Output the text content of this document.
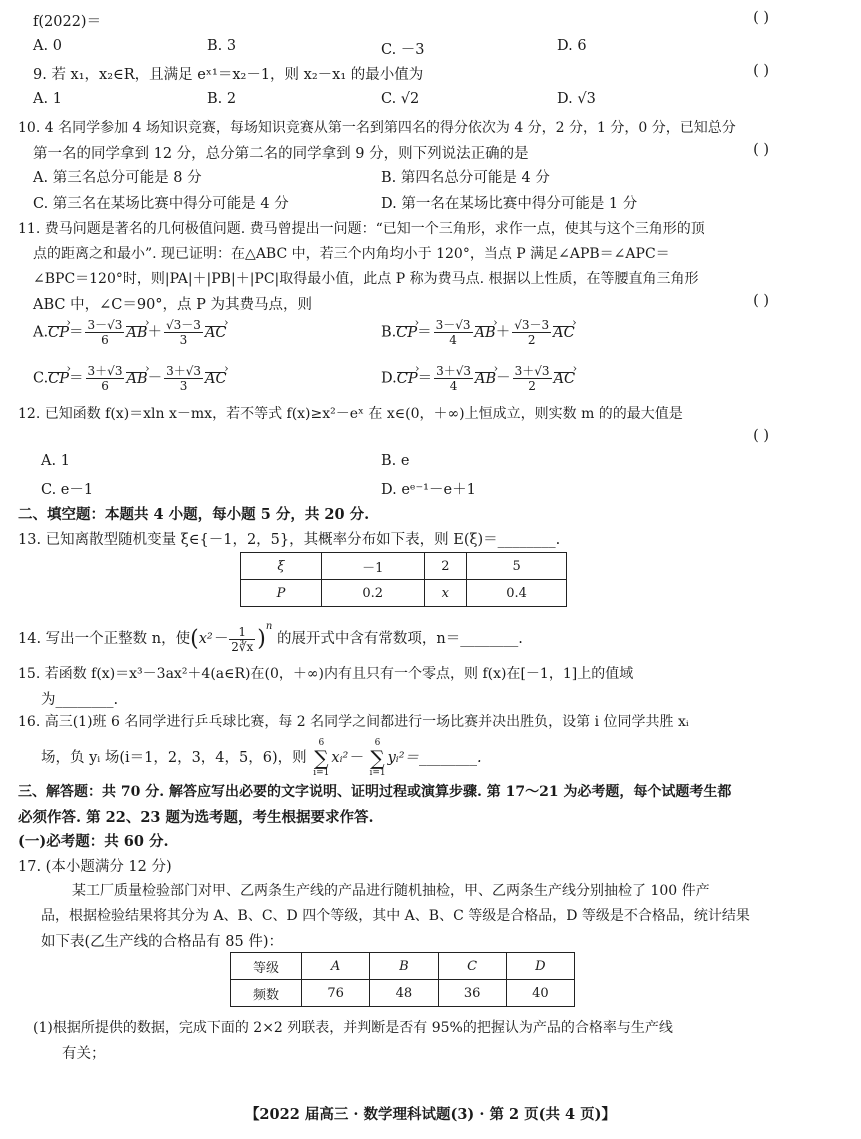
f(2022)＝	( )
A. 0	B. 3	C. －3	D. 6
9. 若 x₁，x₂∈R，且满足 eˣ¹＝x₂－1，则 x₂－x₁ 的最小值为	( )
A. 1	B. 2	C. √2	D. √3
10. 4 名同学参加 4 场知识竞赛，每场知识竞赛从第一名到第四名的得分依次为 4 分，2 分，1 分，0 分，已知总分
第一名的同学拿到 12 分，总分第二名的同学拿到 9 分，则下列说法正确的是	( )
A. 第三名总分可能是 8 分	B. 第四名总分可能是 4 分
C. 第三名在某场比赛中得分可能是 4 分	D. 第一名在某场比赛中得分可能是 1 分
11. 费马问题是著名的几何极值问题. 费马曾提出一问题：“已知一个三角形，求作一点，使其与这个三角形的顶
点的距离之和最小”. 现已证明：在△ABC 中，若三个内角均小于 120°，当点 P 满足∠APB＝∠APC＝
∠BPC＝120°时，则|PA|＋|PB|＋|PC|取得最小值，此点 P 称为费马点. 根据以上性质，在等腰直角三角形
ABC 中，∠C＝90°，点 P 为其费马点，则	( )
A.CP ›＝ $\frac{3-√3}{6}$ AB ›＋ $\frac{√3-3}{3}$ AC ›	B.CP ›＝ $\frac{3-√3}{4}$ AB ›＋ $\frac{√3-3}{2}$ AC ›
C.CP ›＝ $\frac{3+√3}{6}$ AB ›－ $\frac{3+√3}{3}$ AC ›	D.CP ›＝ $\frac{3+√3}{4}$ AB ›－ $\frac{3+√3}{2}$ AC ›
12. 已知函数 f(x)＝xln x－mx，若不等式 f(x)≥x²－eˣ 在 x∈(0，＋∞)上恒成立，则实数 m 的的最大值是
( )
A. 1	B. e
C. e－1	D. eᵉ⁻¹－e＋1
二、填空题：本题共 4 小题，每小题 5 分，共 20 分.
13. 已知离散型随机变量 ξ∈{－1，2，5}，其概率分布如下表，则 E(ξ)＝________.
ξ	－1	2	5
P	0.2	x	0.4
14. 写出一个正整数 n，使$(x^2- \frac{1}{2∛x} )^n$ 的展开式中含有常数项，n＝________.
15. 若函数 f(x)＝x³－3ax²＋4(a∈R)在(0，＋∞)内有且只有一个零点，则 f(x)在[－1，1]上的值域
为________.
16. 高三(1)班 6 名同学进行乒乓球比赛，每 2 名同学之间都进行一场比赛并决出胜负，设第 i 位同学共胜 xᵢ
场，负 yᵢ 场(i＝1，2，3，4，5，6)，则 6
∑
i=1xᵢ²－ 6
∑
i=1yᵢ²＝________.
三、解答题：共 70 分. 解答应写出必要的文字说明、证明过程或演算步骤. 第 17～21 为必考题，每个试题考生都
必须作答. 第 22、23 题为选考题，考生根据要求作答.
(一)必考题：共 60 分.
17. (本小题满分 12 分)
某工厂质量检验部门对甲、乙两条生产线的产品进行随机抽检，甲、乙两条生产线分别抽检了 100 件产
品，根据检验结果将其分为 A、B、C、D 四个等级，其中 A、B、C 等级是合格品，D 等级是不合格品，统计结果
如下表(乙生产线的合格品有 85 件)：
等级	A	B	C	D
频数	76	48	36	40
(1)根据所提供的数据，完成下面的 2×2 列联表，并判断是否有 95%的把握认为产品的合格率与生产线
有关；
【2022 届高三 · 数学理科试题(3) · 第 2 页(共 4 页)】
